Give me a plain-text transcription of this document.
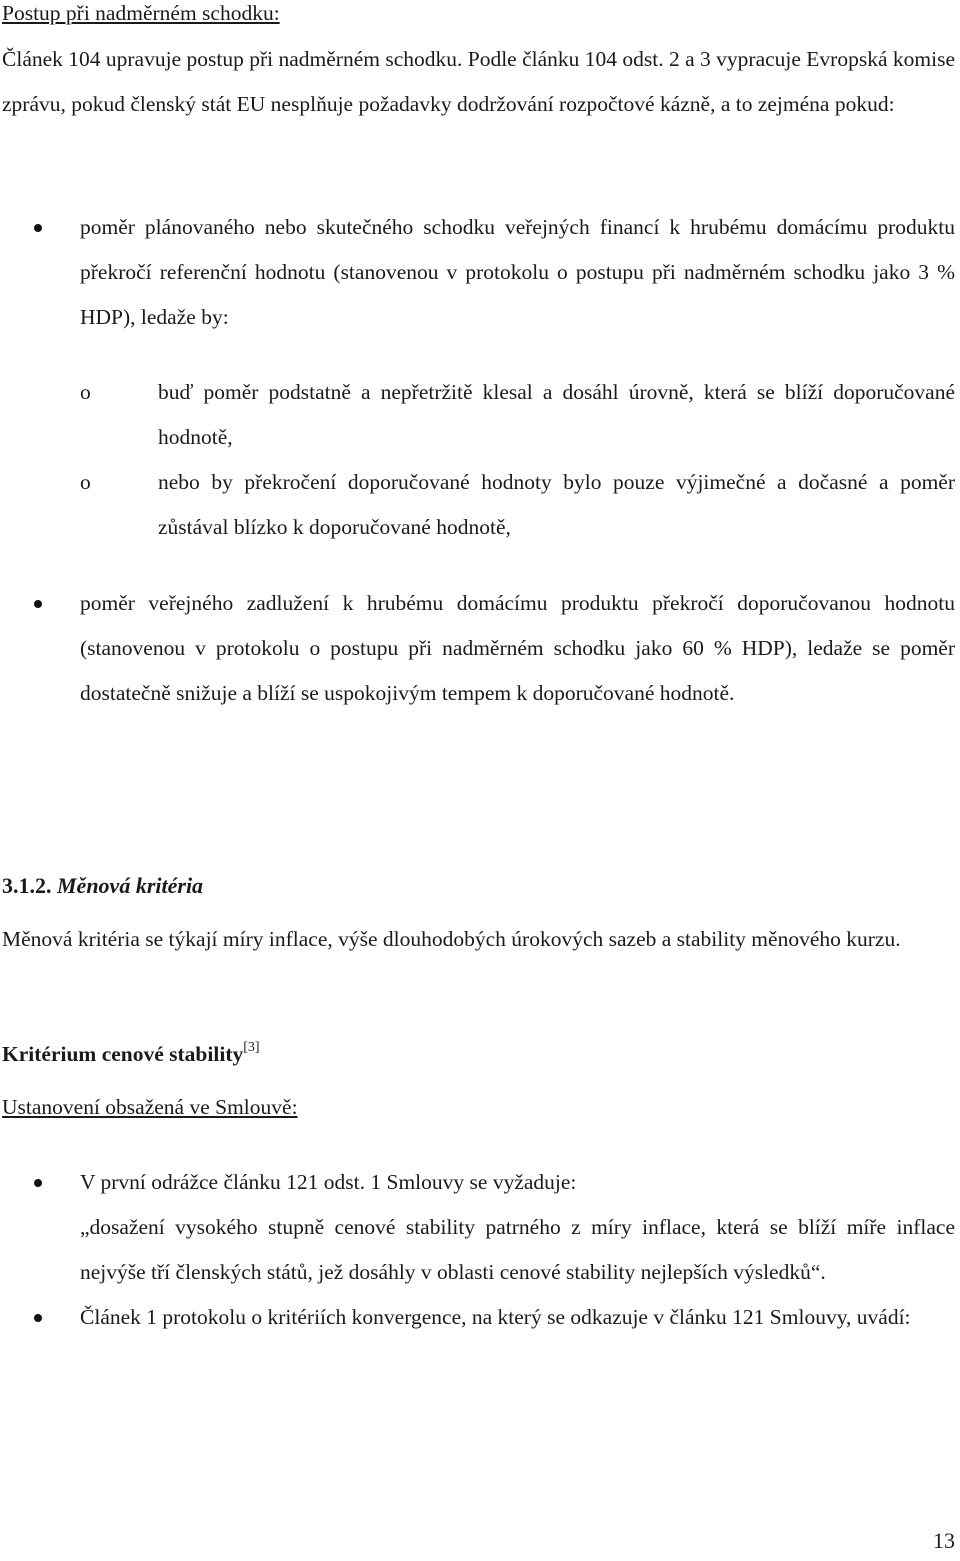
Postup při nadměrném schodku:

Článek 104 upravuje postup při nadměrném schodku. Podle článku 104 odst. 2 a 3 vypracuje Evropská komise zprávu, pokud členský stát EU nesplňuje požadavky dodržování rozpočtové kázně, a to zejména pokud:

poměr plánovaného nebo skutečného schodku veřejných financí k hrubému domácímu produktu překročí referenční hodnotu (stanovenou v protokolu o postupu při nadměrném schodku jako 3 % HDP), ledaže by:

o	buď poměr podstatně a nepřetržitě klesal a dosáhl úrovně, která se blíží doporučované hodnotě,
o	nebo by překročení doporučované hodnoty bylo pouze výjimečné a dočasné a poměr zůstával blízko k doporučované hodnotě,

poměr veřejného zadlužení k hrubému domácímu produktu překročí doporučovanou hodnotu (stanovenou v protokolu o postupu při nadměrném schodku jako 60 % HDP), ledaže se poměr dostatečně snižuje a blíží se uspokojivým tempem k doporučované hodnotě.

3.1.2. Měnová kritéria

Měnová kritéria se týkají míry inflace, výše dlouhodobých úrokových sazeb a stability měnového kurzu.

Kritérium cenové stability[3]

Ustanovení obsažená ve Smlouvě:

V první odrážce článku 121 odst. 1 Smlouvy se vyžaduje:
„dosažení vysokého stupně cenové stability patrného z míry inflace, která se blíží míře inflace nejvýše tří členských států, jež dosáhly v oblasti cenové stability nejlepších výsledků“.

Článek 1 protokolu o kritériích konvergence, na který se odkazuje v článku 121 Smlouvy, uvádí:

13
